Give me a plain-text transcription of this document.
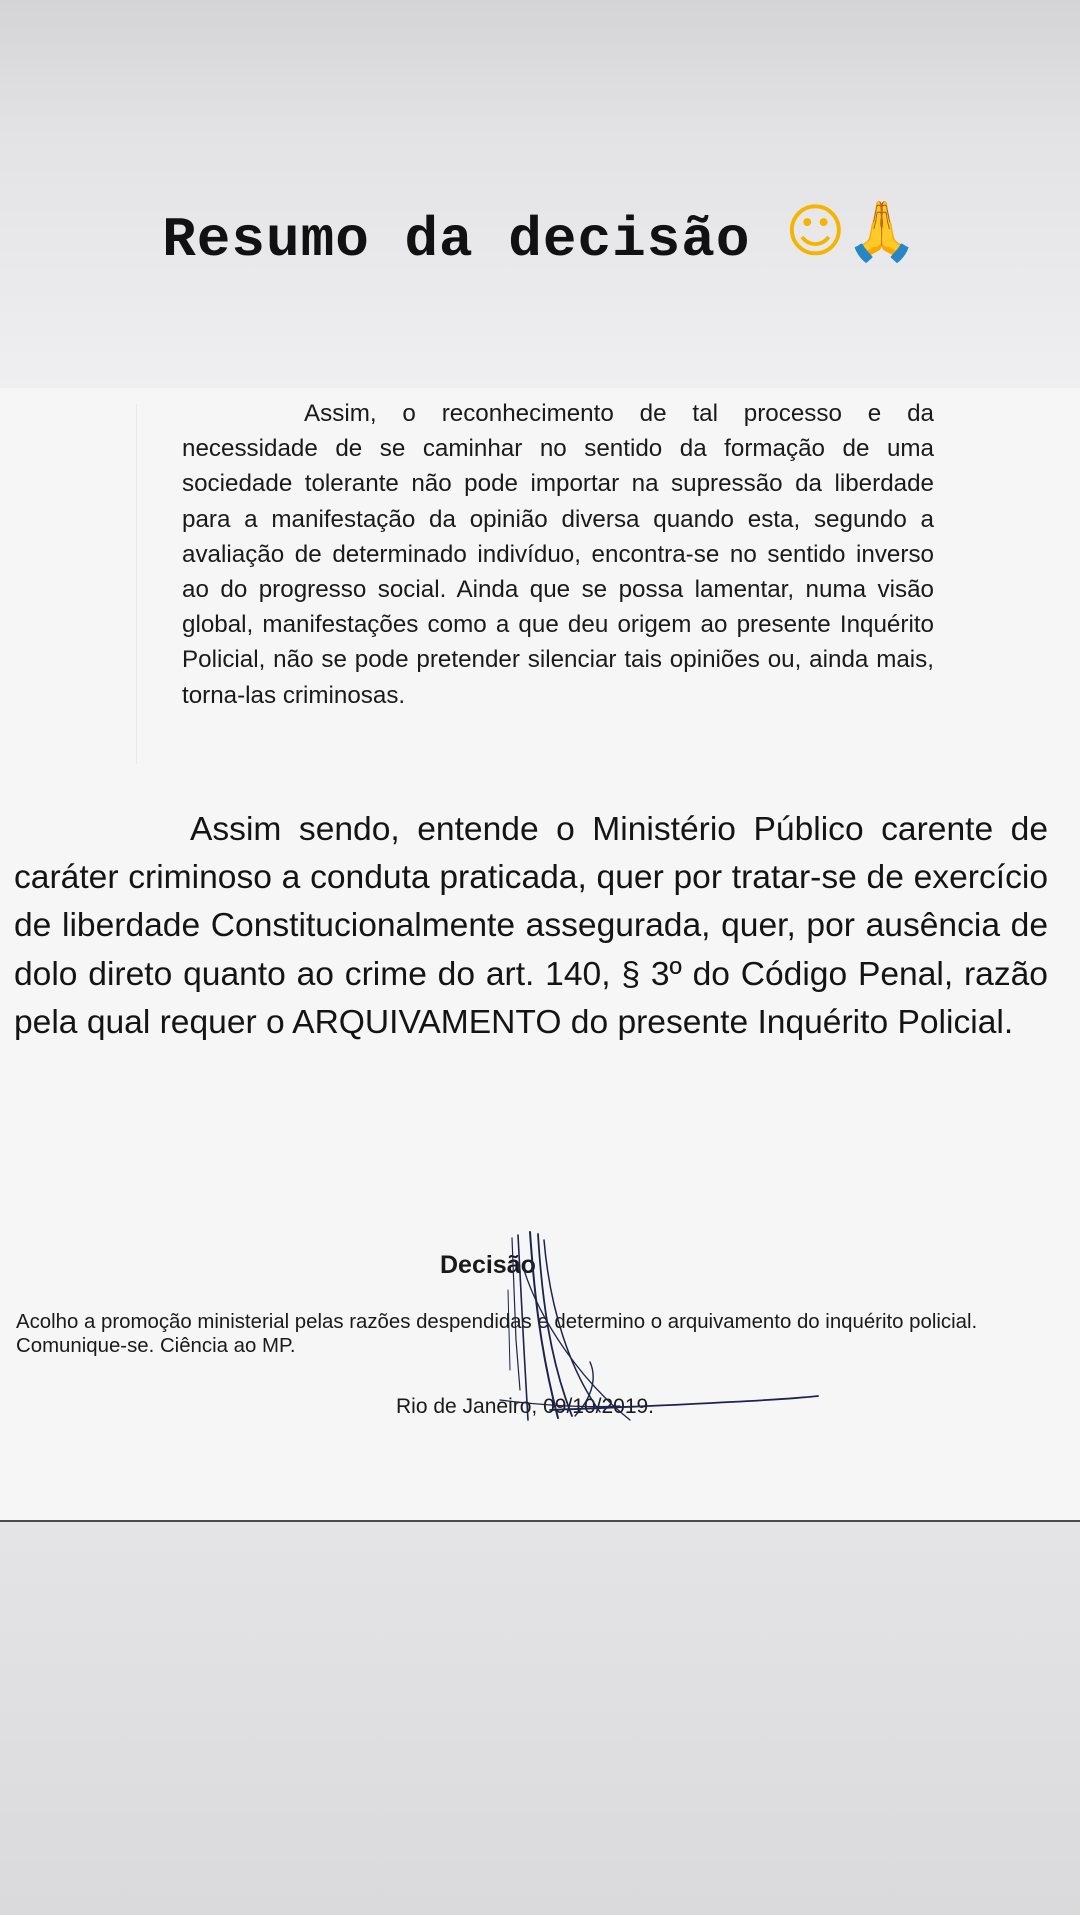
Resumo da decisão ☺🙏
Assim, o reconhecimento de tal processo e da necessidade de se caminhar no sentido da formação de uma sociedade tolerante não pode importar na supressão da liberdade para a manifestação da opinião diversa quando esta, segundo a avaliação de determinado indivíduo, encontra-se no sentido inverso ao do progresso social. Ainda que se possa lamentar, numa visão global, manifestações como a que deu origem ao presente Inquérito Policial, não se pode pretender silenciar tais opiniões ou, ainda mais, torna-las criminosas.
Assim sendo, entende o Ministério Público carente de caráter criminoso a conduta praticada, quer por tratar-se de exercício de liberdade Constitucionalmente assegurada, quer, por ausência de dolo direto quanto ao crime do art. 140, § 3º do Código Penal, razão pela qual requer o ARQUIVAMENTO do presente Inquérito Policial.
Decisão
Acolho a promoção ministerial pelas razões despendidas e determino o arquivamento do inquérito policial. Comunique-se. Ciência ao MP.
Rio de Janeiro, 09/10/2019.
